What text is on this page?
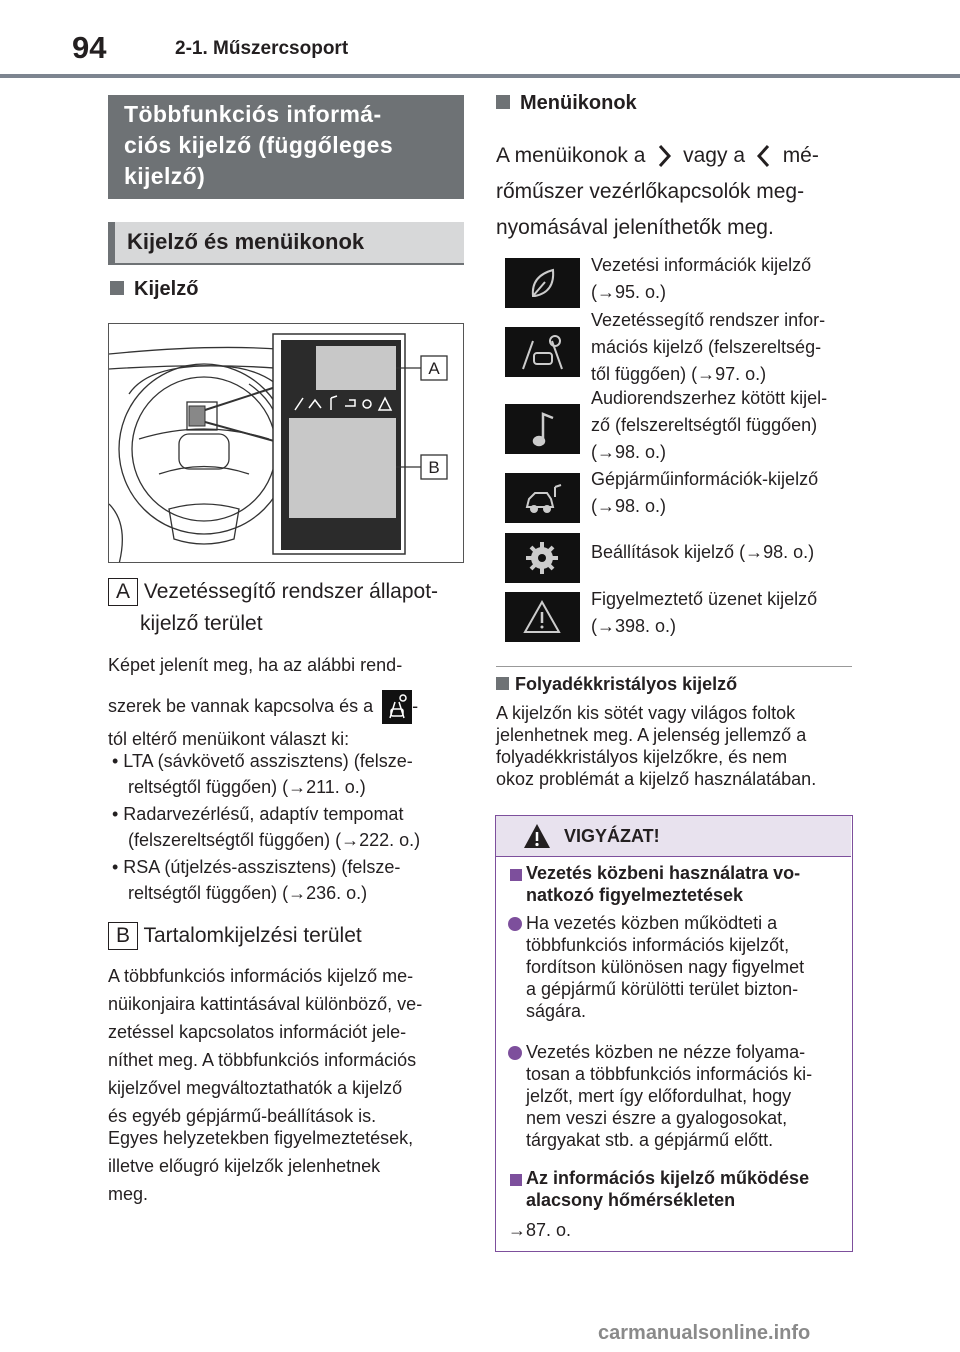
94	2-1. Műszercsoport
Többfunkciós informá-
ciós kijelző (függőleges
kijelző)
Kijelző és menüikonok
Kijelző
A
B
A Vezetéssegítő rendszer állapot-
kijelző terület
Képet jelenít meg, ha az alábbi rend-
szerek be vannak kapcsolva és a -
tól eltérő menüikont választ ki:
• LTA (sávkövető asszisztens) (felsze-
reltségtől függően) (→211. o.)
• Radarvezérlésű, adaptív tempomat
(felszereltségtől függően) (→222. o.)
• RSA (útjelzés-asszisztens) (felsze-
reltségtől függően) (→236. o.)
B Tartalomkijelzési terület
A többfunkciós információs kijelző me-
nüikonjaira kattintásával különböző, ve-
zetéssel kapcsolatos információt jele-
níthet meg. A többfunkciós információs
kijelzővel megváltoztathatók a kijelző
és egyéb gépjármű-beállítások is.
Egyes helyzetekben figyelmeztetések,
illetve előugró kijelzők jelenhetnek
meg.
Menüikonok
A menüikonok a vagy a mé-
rőműszer vezérlőkapcsolók meg-
nyomásával jeleníthetők meg.
Vezetési információk kijelző
(→95. o.)
Vezetéssegítő rendszer infor-
mációs kijelző (felszereltség-
től függően) (→97. o.)
Audiorendszerhez kötött kijel-
ző (felszereltségtől függően)
(→98. o.)
Gépjárműinformációk-kijelző
(→98. o.)
Beállítások kijelző (→98. o.)
Figyelmeztető üzenet kijelző
(→398. o.)
Folyadékkristályos kijelző
A kijelzőn kis sötét vagy világos foltok
jelenhetnek meg. A jelenség jellemző a
folyadékkristályos kijelzőkre, és nem
okoz problémát a kijelző használatában.
VIGYÁZAT!
Vezetés közbeni használatra vo-
natkozó figyelmeztetések
Ha vezetés közben működteti a
többfunkciós információs kijelzőt,
fordítson különösen nagy figyelmet
a gépjármű körülötti terület bizton-
ságára.
Vezetés közben ne nézze folyama-
tosan a többfunkciós információs ki-
jelzőt, mert így előfordulhat, hogy
nem veszi észre a gyalogosokat,
tárgyakat stb. a gépjármű előtt.
Az információs kijelző működése
alacsony hőmérsékleten
→87. o.
carmanualsonline.info
